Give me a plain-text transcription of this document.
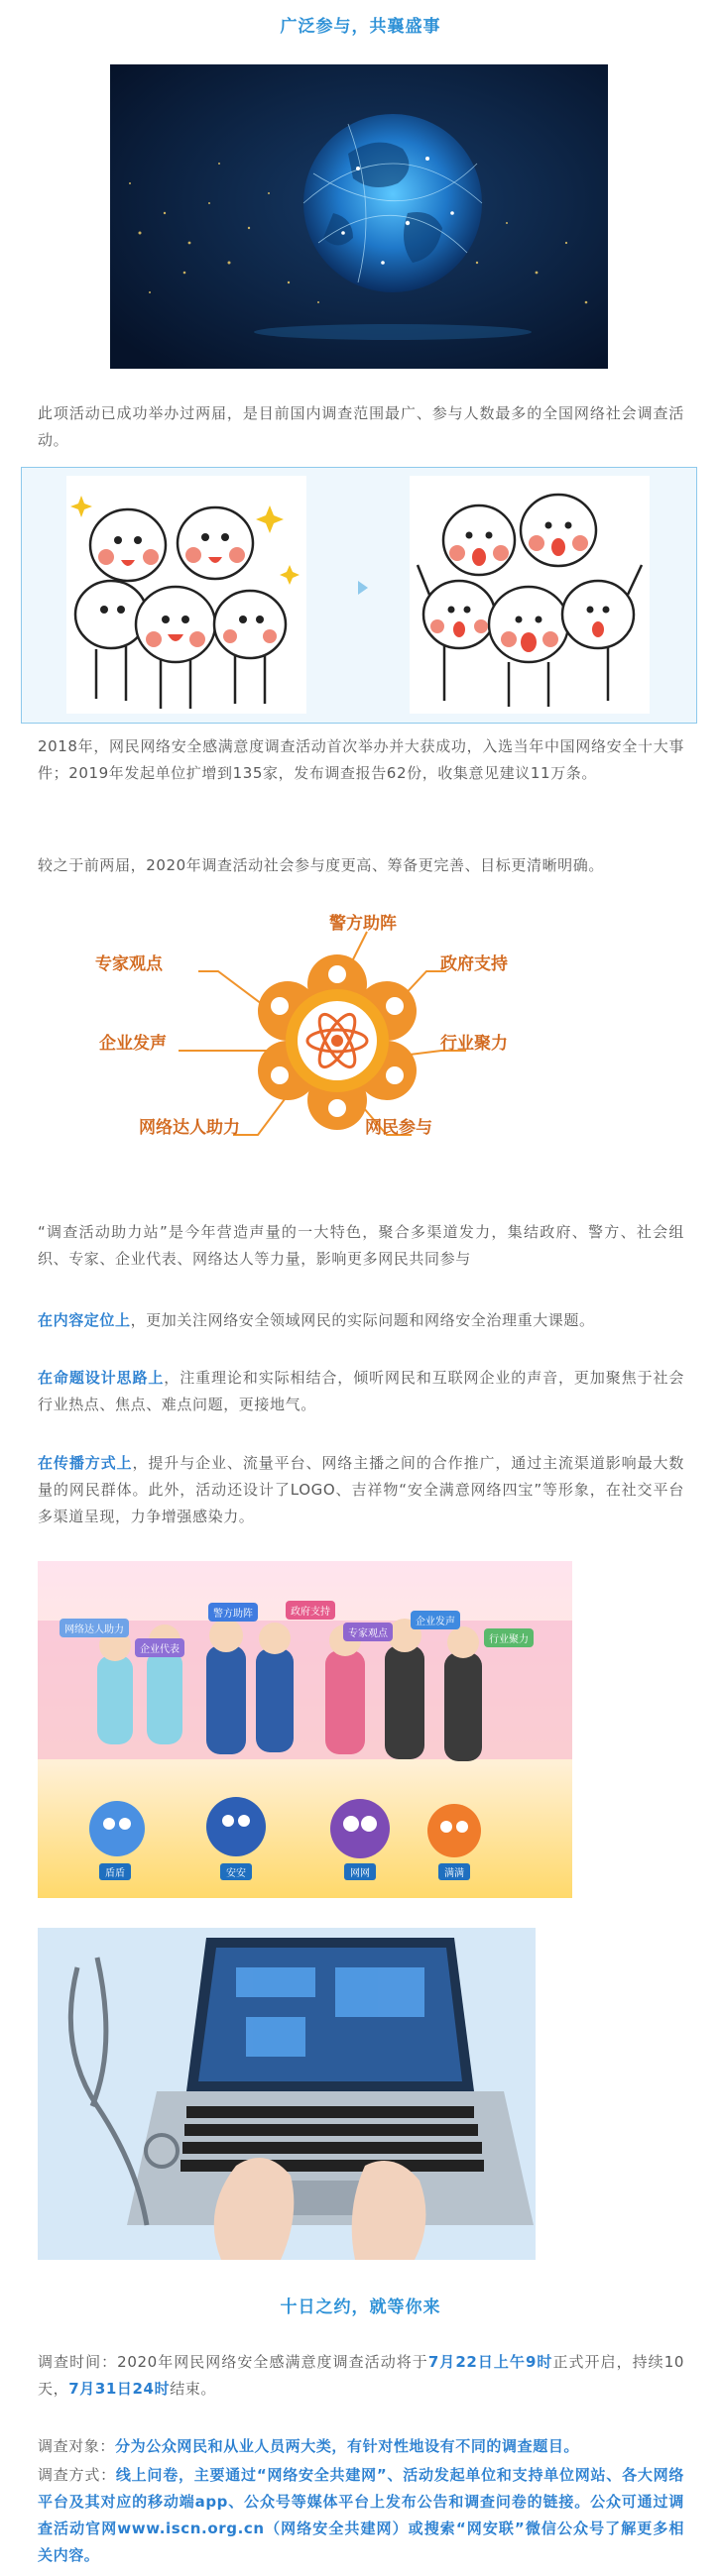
广泛参与，共襄盛事
此项活动已成功举办过两届，是目前国内调查范围最广、参与人数最多的全国网络社会调查活动。
2018年，网民网络安全感满意度调查活动首次举办并大获成功，入选当年中国网络安全十大事件；2019年发起单位扩增到135家，发布调查报告62份，收集意见建议11万条。
较之于前两届，2020年调查活动社会参与度更高、筹备更完善、目标更清晰明确。
警方助阵
专家观点	政府支持
企业发声	行业聚力
网络达人助力	网民参与
“调查活动助力站”是今年营造声量的一大特色，聚合多渠道发力，集结政府、警方、社会组织、专家、企业代表、网络达人等力量，影响更多网民共同参与
在内容定位上，更加关注网络安全领域网民的实际问题和网络安全治理重大课题。
在命题设计思路上，注重理论和实际相结合，倾听网民和互联网企业的声音，更加聚焦于社会行业热点、焦点、难点问题，更接地气。
在传播方式上，提升与企业、流量平台、网络主播之间的合作推广，通过主流渠道影响最大数量的网民群体。此外，活动还设计了LOGO、吉祥物“安全满意网络四宝”等形象，在社交平台多渠道呈现，力争增强感染力。
网络达人助力
企业代表
警方助阵	政府支持
专家观点
企业发声
行业聚力
盾盾	安安	网网	满满
十日之约，就等你来
调查时间：2020年网民网络安全感满意度调查活动将于7月22日上午9时正式开启，持续10天，7月31日24时结束。
调查对象：分为公众网民和从业人员两大类，有针对性地设有不同的调查题目。
调查方式：线上问卷，主要通过“网络安全共建网”、活动发起单位和支持单位网站、各大网络平台及其对应的移动端app、公众号等媒体平台上发布公告和调查问卷的链接。公众可通过调查活动官网www.iscn.org.cn（网络安全共建网）或搜索“网安联”微信公众号了解更多相关内容。
